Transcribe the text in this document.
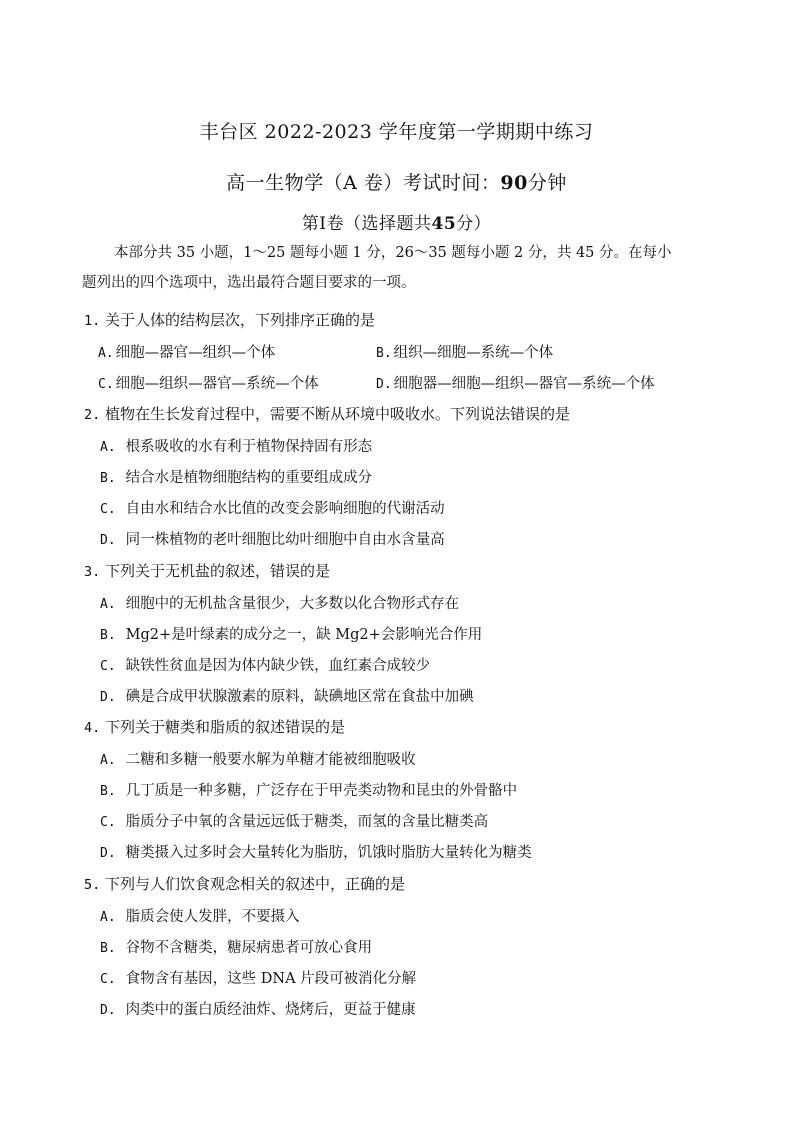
丰台区 2022-2023 学年度第一学期期中练习
高一生物学（A 卷）考试时间：90分钟
第Ⅰ卷（选择题共45分）
本部分共 35 小题，1～25 题每小题 1 分，26～35 题每小题 2 分，共 45 分。在每小
题列出的四个选项中，选出最符合题目要求的一项。
1. 关于人体的结构层次，下列排序正确的是
A. 细胞—器官—组织—个体	B. 组织—细胞—系统—个体
C. 细胞—组织—器官—系统—个体	D. 细胞器—细胞—组织—器官—系统—个体
2. 植物在生长发育过程中，需要不断从环境中吸收水。下列说法错误的是
A. 根系吸收的水有利于植物保持固有形态
B. 结合水是植物细胞结构的重要组成成分
C. 自由水和结合水比值的改变会影响细胞的代谢活动
D. 同一株植物的老叶细胞比幼叶细胞中自由水含量高
3. 下列关于无机盐的叙述，错误的是
A. 细胞中的无机盐含量很少，大多数以化合物形式存在
B. Mg2+是叶绿素的成分之一，缺 Mg2+会影响光合作用
C. 缺铁性贫血是因为体内缺少铁，血红素合成较少
D. 碘是合成甲状腺激素的原料，缺碘地区常在食盐中加碘
4. 下列关于糖类和脂质的叙述错误的是
A. 二糖和多糖一般要水解为单糖才能被细胞吸收
B. 几丁质是一种多糖，广泛存在于甲壳类动物和昆虫的外骨骼中
C. 脂质分子中氧的含量远远低于糖类，而氢的含量比糖类高
D. 糖类摄入过多时会大量转化为脂肪，饥饿时脂肪大量转化为糖类
5. 下列与人们饮食观念相关的叙述中，正确的是
A. 脂质会使人发胖，不要摄入
B. 谷物不含糖类，糖尿病患者可放心食用
C. 食物含有基因，这些 DNA 片段可被消化分解
D. 肉类中的蛋白质经油炸、烧烤后，更益于健康
